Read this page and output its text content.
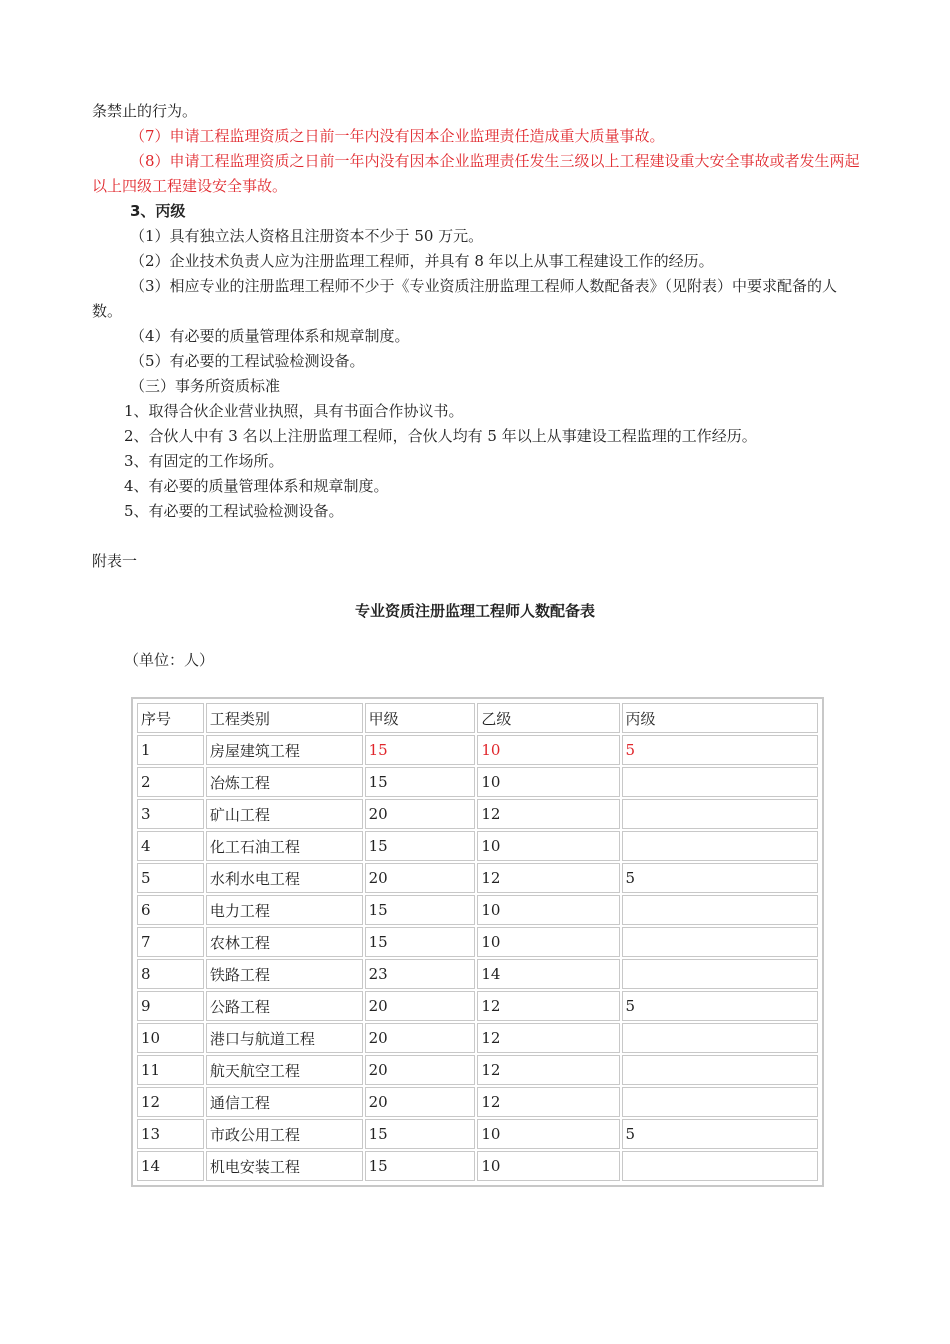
条禁止的行为。
（7）申请工程监理资质之日前一年内没有因本企业监理责任造成重大质量事故。
（8）申请工程监理资质之日前一年内没有因本企业监理责任发生三级以上工程建设重大安全事故或者发生两起以上四级工程建设安全事故。
3、丙级
（1）具有独立法人资格且注册资本不少于 50 万元。
（2）企业技术负责人应为注册监理工程师，并具有 8 年以上从事工程建设工作的经历。
（3）相应专业的注册监理工程师不少于《专业资质注册监理工程师人数配备表》（见附表）中要求配备的人数。
（4）有必要的质量管理体系和规章制度。
（5）有必要的工程试验检测设备。
（三）事务所资质标准
1、取得合伙企业营业执照，具有书面合作协议书。
2、合伙人中有 3 名以上注册监理工程师，合伙人均有 5 年以上从事建设工程监理的工作经历。
3、有固定的工作场所。
4、有必要的质量管理体系和规章制度。
5、有必要的工程试验检测设备。
附表一
专业资质注册监理工程师人数配备表
（单位：人）
序号	工程类别	甲级	乙级	丙级
1	房屋建筑工程	15	10	5
2	冶炼工程	15	10	
3	矿山工程	20	12	
4	化工石油工程	15	10	
5	水利水电工程	20	12	5
6	电力工程	15	10	
7	农林工程	15	10	
8	铁路工程	23	14	
9	公路工程	20	12	5
10	港口与航道工程	20	12	
11	航天航空工程	20	12	
12	通信工程	20	12	
13	市政公用工程	15	10	5
14	机电安装工程	15	10	
